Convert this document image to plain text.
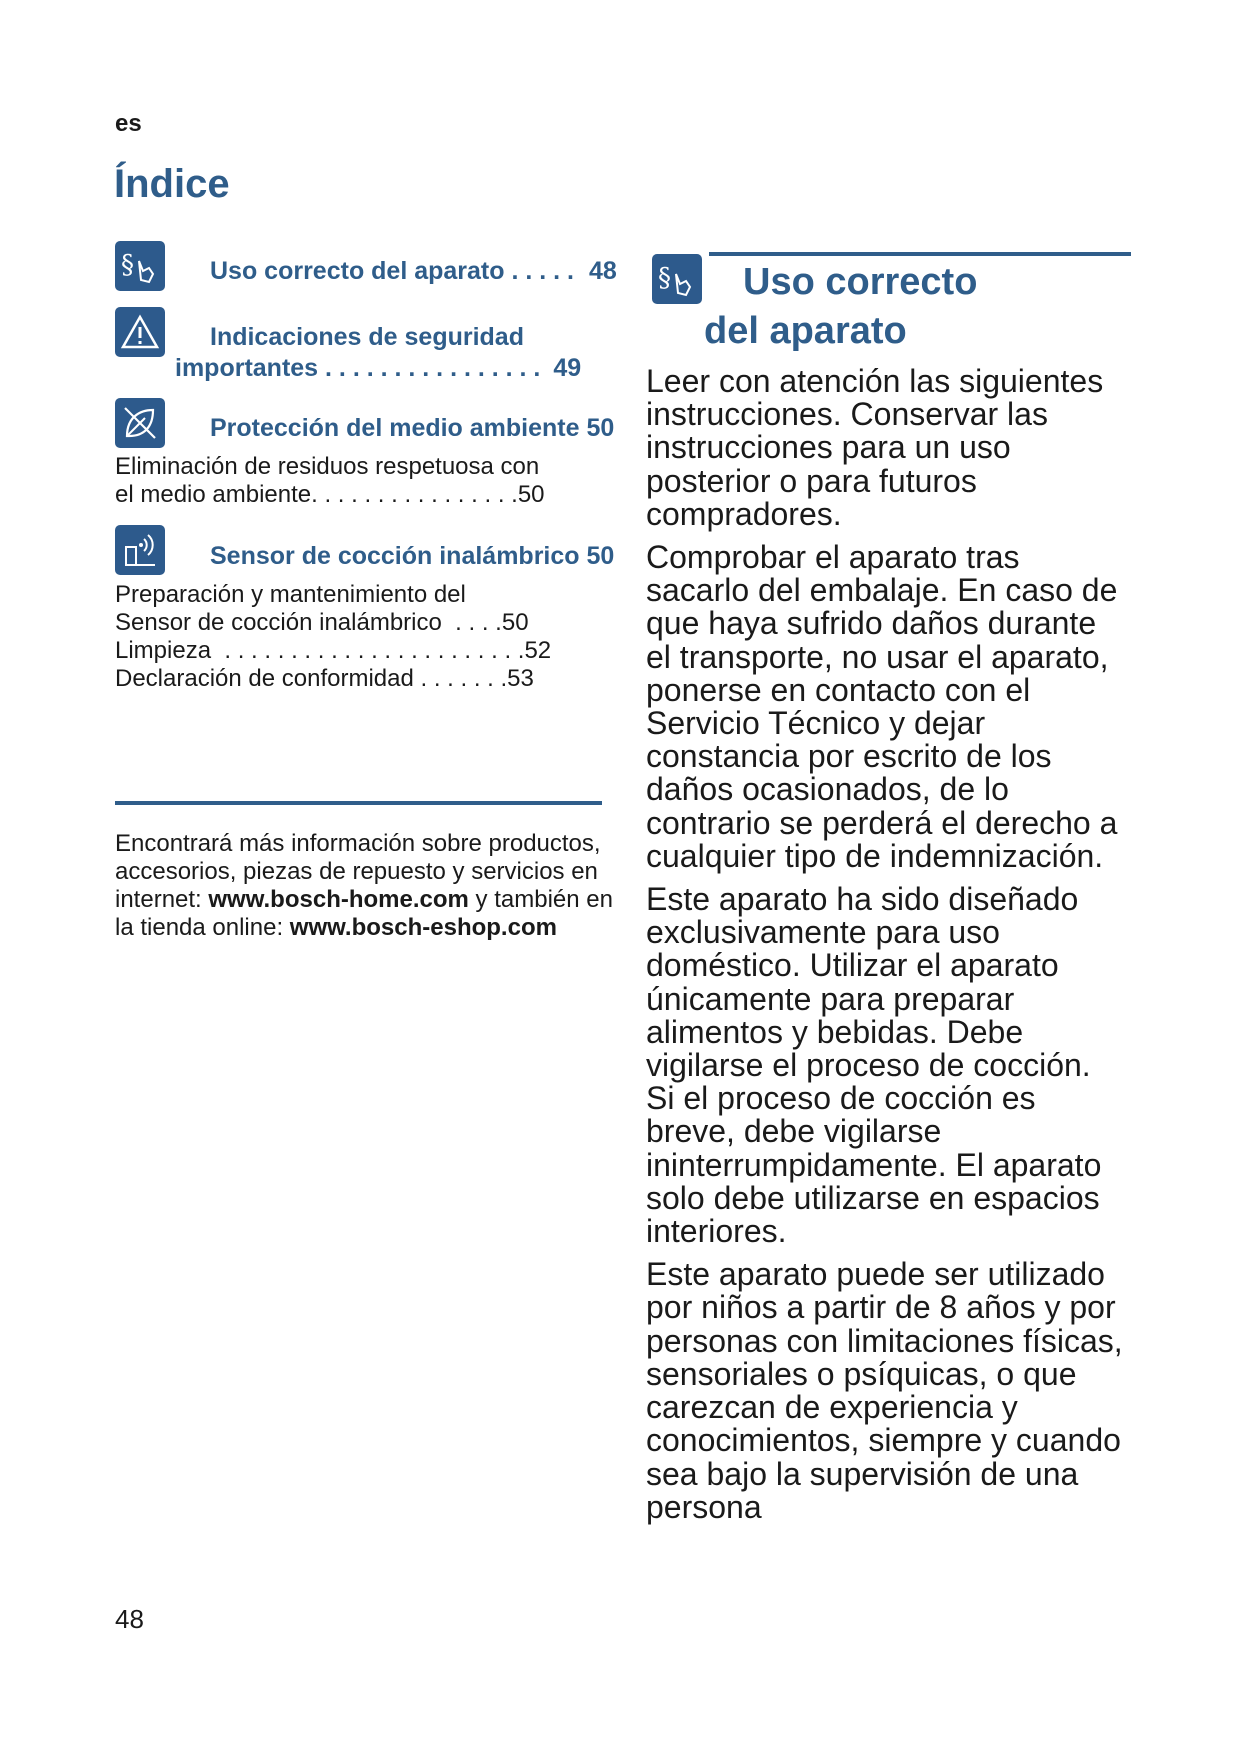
es
Índice
§	Uso correcto del aparato . . . . . 48
Indicaciones de seguridad
importantes . . . . . . . . . . . . . . . . 49
Protección del medio ambiente 50
Eliminación de residuos respetuosa con
el medio ambiente. . . . . . . . . . . . . . . .50
Sensor de cocción inalámbrico 50
Preparación y mantenimiento del
Sensor de cocción inalámbrico  . . . .50
Limpieza  . . . . . . . . . . . . . . . . . . . . . . .52
Declaración de conformidad . . . . . . .53
Encontrará más información sobre productos, accesorios, piezas de repuesto y servicios en internet: www.bosch-home.com y también en la tienda online: www.bosch-eshop.com
48
§	Uso correcto
del aparato

Leer con atención las siguientes instrucciones. Conservar las instrucciones para un uso posterior o para futuros compradores.

Comprobar el aparato tras sacarlo del embalaje. En caso de que haya sufrido daños durante el transporte, no usar el aparato, ponerse en contacto con el Servicio Técnico y dejar constancia por escrito de los daños ocasionados, de lo contrario se perderá el derecho a cualquier tipo de indemnización.

Este aparato ha sido diseñado exclusivamente para uso doméstico. Utilizar el aparato únicamente para preparar alimentos y bebidas. Debe vigilarse el proceso de cocción. Si el proceso de cocción es breve, debe vigilarse ininterrumpidamente. El aparato solo debe utilizarse en espacios interiores.

Este aparato puede ser utilizado por niños a partir de 8 años y por personas con limitaciones físicas, sensoriales o psíquicas, o que carezcan de experiencia y conocimientos, siempre y cuando sea bajo la supervisión de una persona
